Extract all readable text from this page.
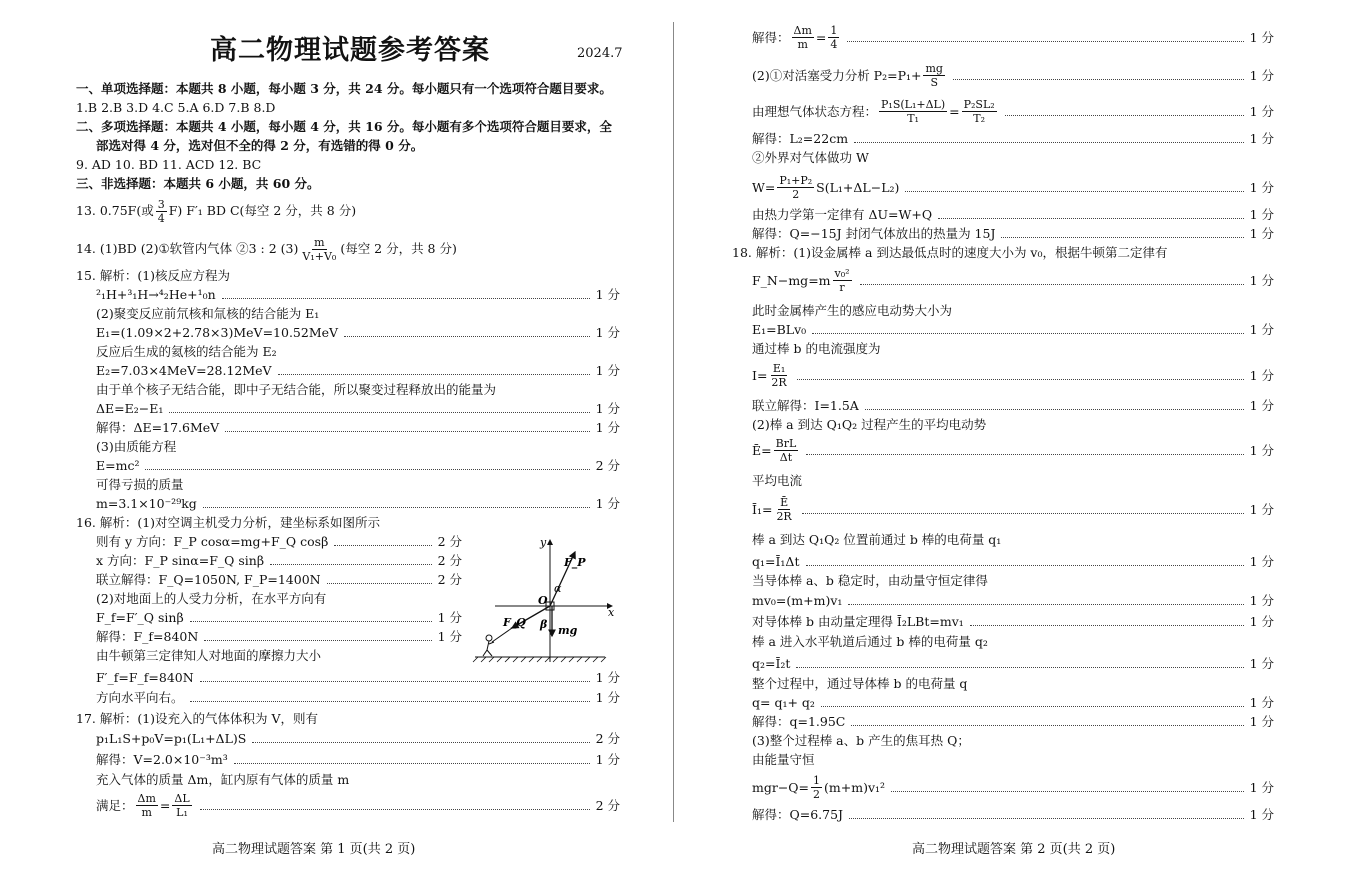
高二物理试题参考答案	2024.7
一、单项选择题：本题共 8 小题，每小题 3 分，共 24 分。每小题只有一个选项符合题目要求。
1.B 2.B 3.D 4.C 5.A 6.D 7.B 8.D
二、多项选择题：本题共 4 小题，每小题 4 分，共 16 分。每小题有多个选项符合题目要求，全
部选对得 4 分，选对但不全的得 2 分，有选错的得 0 分。
9. AD 10. BD 11. ACD 12. BC
三、非选择题：本题共 6 小题，共 60 分。
13. 0.75F(或 $\frac{3}{4} F$) F′₁ BD C(每空 2 分，共 8 分)
14. (1)BD (2)①软管内气体 ②3 : 2 $(3) \frac{m}{\text{V₁+V₀}}$ (每空 2 分，共 8 分)
15. 解析：(1)核反应方程为
²₁H+³₁H→⁴₂He+¹₀n	1 分
(2)聚变反应前氘核和氚核的结合能为 E₁
E₁=(1.09×2+2.78×3)MeV=10.52MeV	1 分
反应后生成的氦核的结合能为 E₂
E₂=7.03×4MeV=28.12MeV	1 分
由于单个核子无结合能，即中子无结合能，所以聚变过程释放出的能量为
ΔE=E₂−E₁	1 分
解得：ΔE=17.6MeV	1 分
(3)由质能方程
E=mc²	2 分
可得亏损的质量
m=3.1×10⁻²⁹kg	1 分
16. 解析：(1)对空调主机受力分析，建坐标系如图所示
则有 y 方向：F_P cosα=mg+F_Q cosβ	2 分
x 方向：F_P sinα=F_Q sinβ	2 分
联立解得：F_Q=1050N, F_P=1400N	2 分
(2)对地面上的人受力分析，在水平方向有
F_f=F′_Q sinβ	1 分
解得：F_f=840N	1 分
由牛顿第三定律知人对地面的摩擦力大小
F′_f=F_f=840N	1 分
方向水平向右。	1 分
y
x
O
α
β
F_P
F_Q
mg
17. 解析：(1)设充入的气体体积为 V，则有
p₁L₁S+p₀V=p₁(L₁+ΔL)S	2 分
解得：V=2.0×10⁻³m³	1 分
充入气体的质量 Δm，缸内原有气体的质量 m
满足： $\frac{\Delta m}{m} = \frac{\Delta L}{\text{L₁}}$	2 分
高二物理试题答案 第 1 页(共 2 页)
解得： $\frac{\Delta m}{m} = \frac{1}{4}$	1 分
(2)①对活塞受力分析 $P_2=P_1+ \frac{mg}{S}$	1 分
由理想气体状态方程： $\frac{\text{P₁S(L₁+ΔL)}}{\text{T₁}} = \frac{\text{P₂SL₂}}{\text{T₂}}$	1 分
解得：L₂=22cm	1 分
②外界对气体做功 W
$W= \frac{\text{P₁+P₂}}{2} S(L_1+\Delta L-L_2)$	1 分
由热力学第一定律有 ΔU=W+Q	1 分
解得：Q=−15J 封闭气体放出的热量为 15J	1 分
18. 解析：(1)设金属棒 a 到达最低点时的速度大小为 v₀，根据牛顿第二定律有
F_N−mg=m $\frac{\text{v₀²}}{r}$	1 分
此时金属棒产生的感应电动势大小为
E₁=BLv₀	1 分
通过棒 b 的电流强度为
$I= \frac{\text{E₁}}{2R}$	1 分
联立解得：I=1.5A	1 分
(2)棒 a 到达 Q₁Q₂ 过程产生的平均电动势
Ē= $\frac{\text{BrL}}{\Delta t}$	1 分
平均电流
Ī₁= $\frac{Ē}{2R}$	1 分
棒 a 到达 Q₁Q₂ 位置前通过 b 棒的电荷量 q₁
q₁=Ī₁Δt	1 分
当导体棒 a、b 稳定时，由动量守恒定律得
mv₀=(m+m)v₁	1 分
对导体棒 b 由动量定理得 Ī₂LBt=mv₁	1 分
棒 a 进入水平轨道后通过 b 棒的电荷量 q₂
q₂=Ī₂t	1 分
整个过程中，通过导体棒 b 的电荷量 q
q= q₁+ q₂	1 分
解得：q=1.95C	1 分
(3)整个过程棒 a、b 产生的焦耳热 Q；
由能量守恒
$mgr-Q= \frac{1}{2} (m+m)v_1^2$	1 分
解得：Q=6.75J	1 分
高二物理试题答案 第 2 页(共 2 页)
